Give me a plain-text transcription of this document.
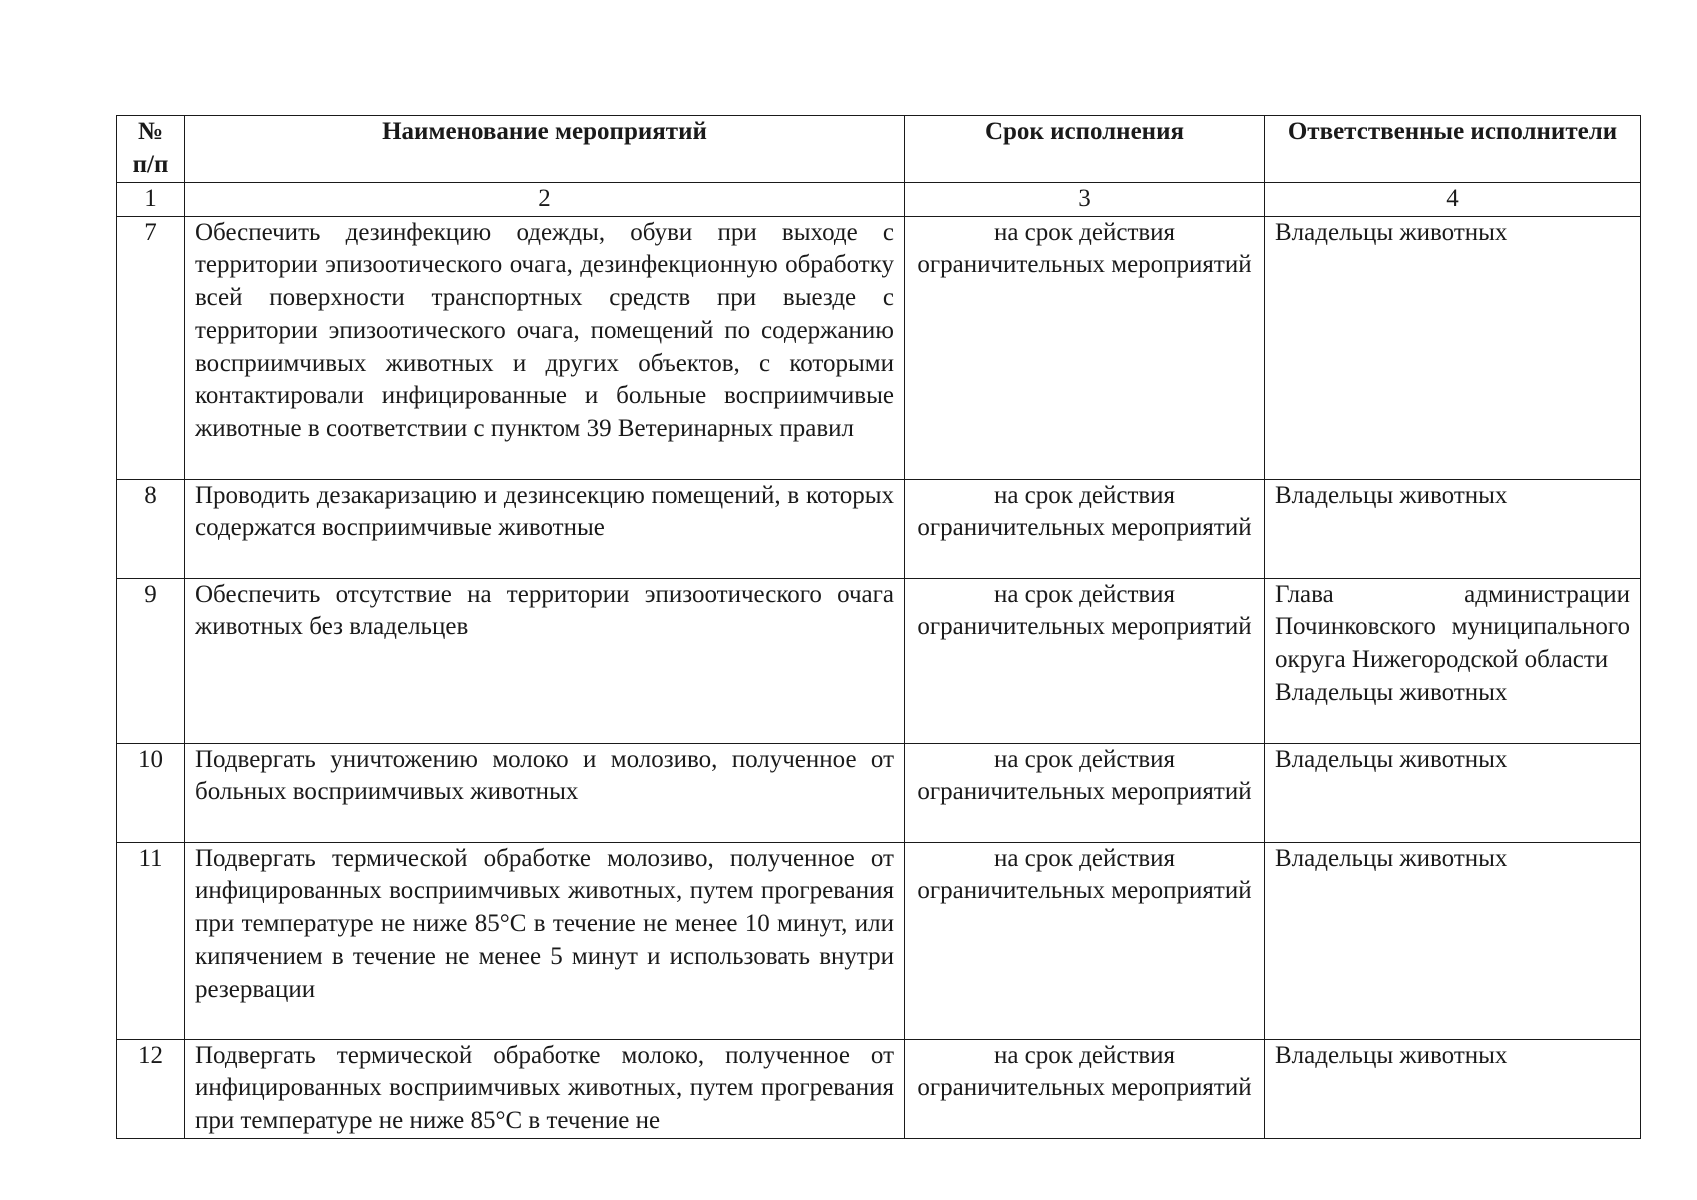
№ п/п	Наименование мероприятий	Срок исполнения	Ответственные исполнители
1	2	3	4
7	Обеспечить дезинфекцию одежды, обуви при выходе с территории эпизоотического очага, дезинфекционную обработку всей поверхности транспортных средств при выезде с территории эпизоотического очага, помещений по содержанию восприимчивых животных и других объектов, с которыми контактировали инфицированные и больные восприимчивые животные в соответствии с пунктом 39 Ветеринарных правил	на срок действия ограничительных мероприятий	Владельцы животных

8	Проводить дезакаризацию и дезинсекцию помещений, в которых содержатся восприимчивые животные	на срок действия ограничительных мероприятий	Владельцы животных

9	Обеспечить отсутствие на территории эпизоотического очага животных без владельцев	на срок действия ограничительных мероприятий	Глава администрации Починковского муниципального округа Нижегородской области
Владельцы животных

10	Подвергать уничтожению молоко и молозиво, полученное от больных восприимчивых животных	на срок действия ограничительных мероприятий	Владельцы животных

11	Подвергать термической обработке молозиво, полученное от инфицированных восприимчивых животных, путем прогревания при температуре не ниже 85°С в течение не менее 10 минут, или кипячением в течение не менее 5 минут и использовать внутри резервации	на срок действия ограничительных мероприятий	Владельцы животных

12	Подвергать термической обработке молоко, полученное от инфицированных восприимчивых животных, путем прогревания при температуре не ниже 85°С в течение не	на срок действия ограничительных мероприятий	Владельцы животных
